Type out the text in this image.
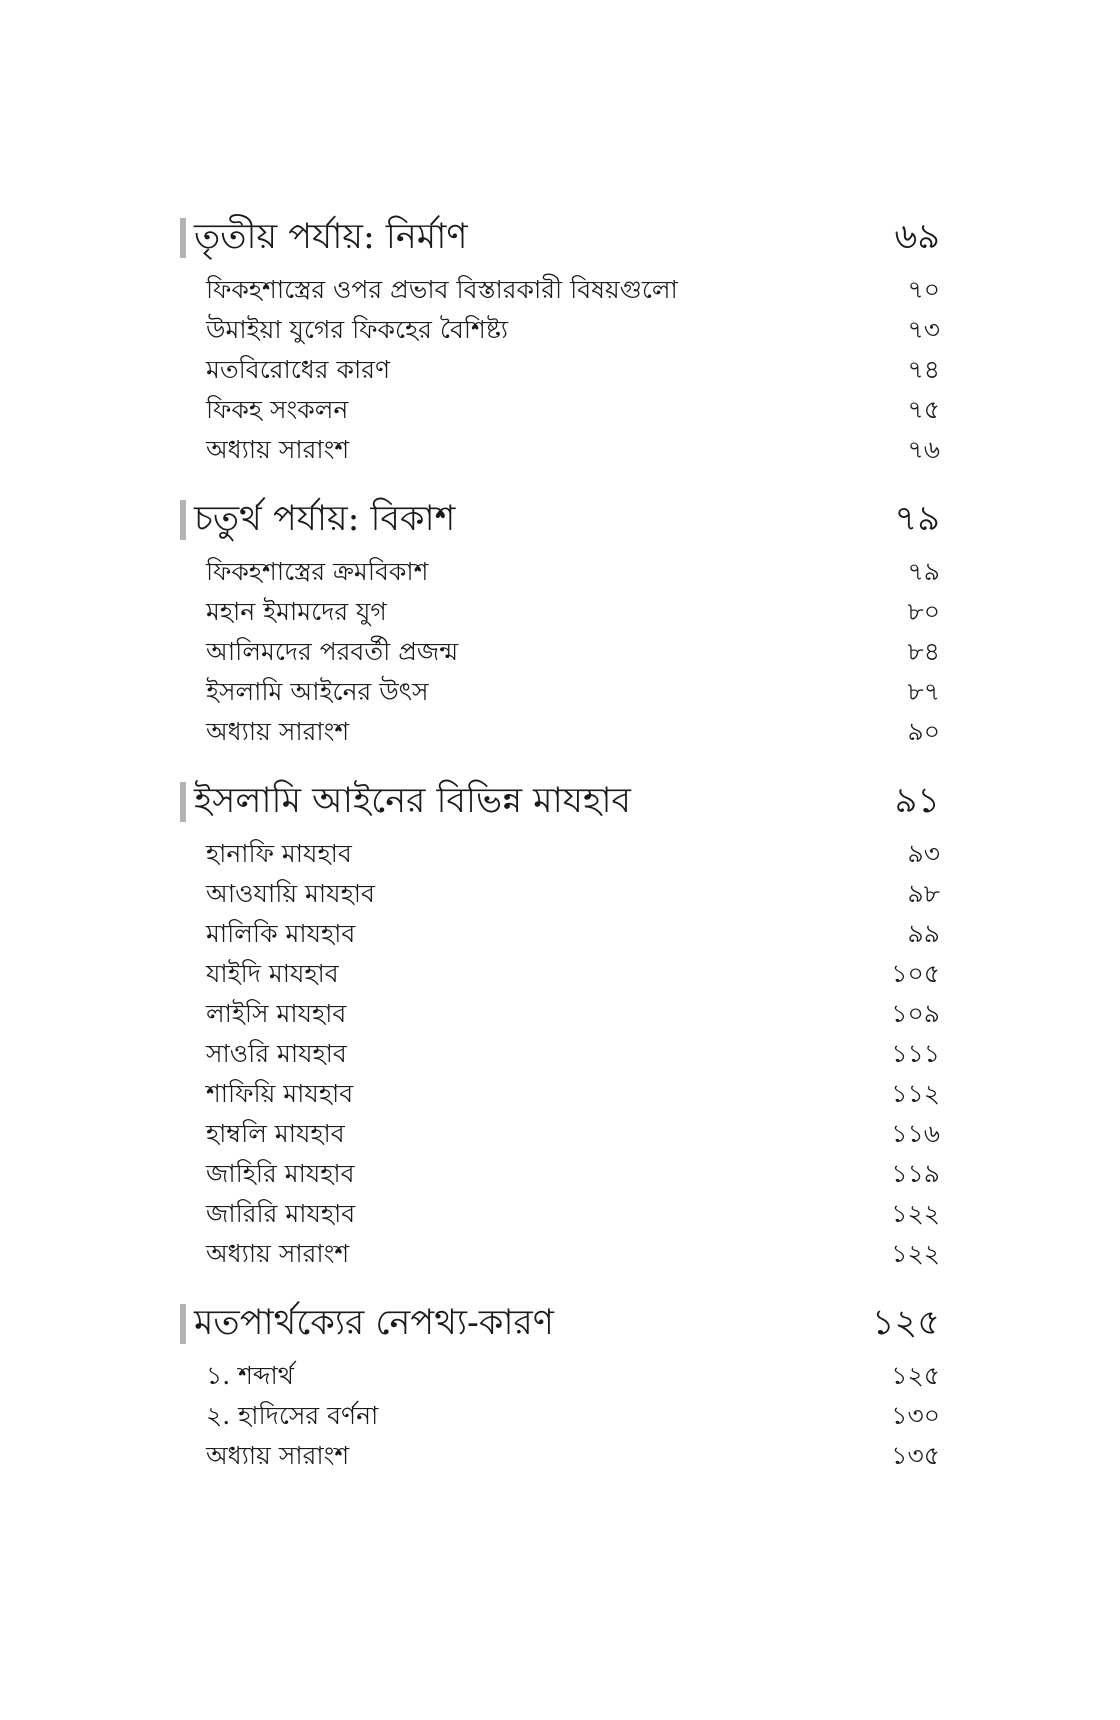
তৃতীয় পর্যায়: নির্মাণ	৬৯
ফিকহশাস্ত্রের ওপর প্রভাব বিস্তারকারী বিষয়গুলো	৭০
উমাইয়া যুগের ফিকহের বৈশিষ্ট্য	৭৩
মতবিরোধের কারণ	৭৪
ফিকহ সংকলন	৭৫
অধ্যায় সারাংশ	৭৬
চতুর্থ পর্যায়: বিকাশ	৭৯
ফিকহশাস্ত্রের ক্রমবিকাশ	৭৯
মহান ইমামদের যুগ	৮০
আলিমদের পরবর্তী প্রজন্ম	৮৪
ইসলামি আইনের উৎস	৮৭
অধ্যায় সারাংশ	৯০
ইসলামি আইনের বিভিন্ন মাযহাব	৯১
হানাফি মাযহাব	৯৩
আওযায়ি মাযহাব	৯৮
মালিকি মাযহাব	৯৯
যাইদি মাযহাব	১০৫
লাইসি মাযহাব	১০৯
সাওরি মাযহাব	১১১
শাফিয়ি মাযহাব	১১২
হাম্বলি মাযহাব	১১৬
জাহিরি মাযহাব	১১৯
জারিরি মাযহাব	১২২
অধ্যায় সারাংশ	১২২
মতপার্থক্যের নেপথ্য-কারণ	১২৫
১. শব্দার্থ	১২৫
২. হাদিসের বর্ণনা	১৩০
অধ্যায় সারাংশ	১৩৫
